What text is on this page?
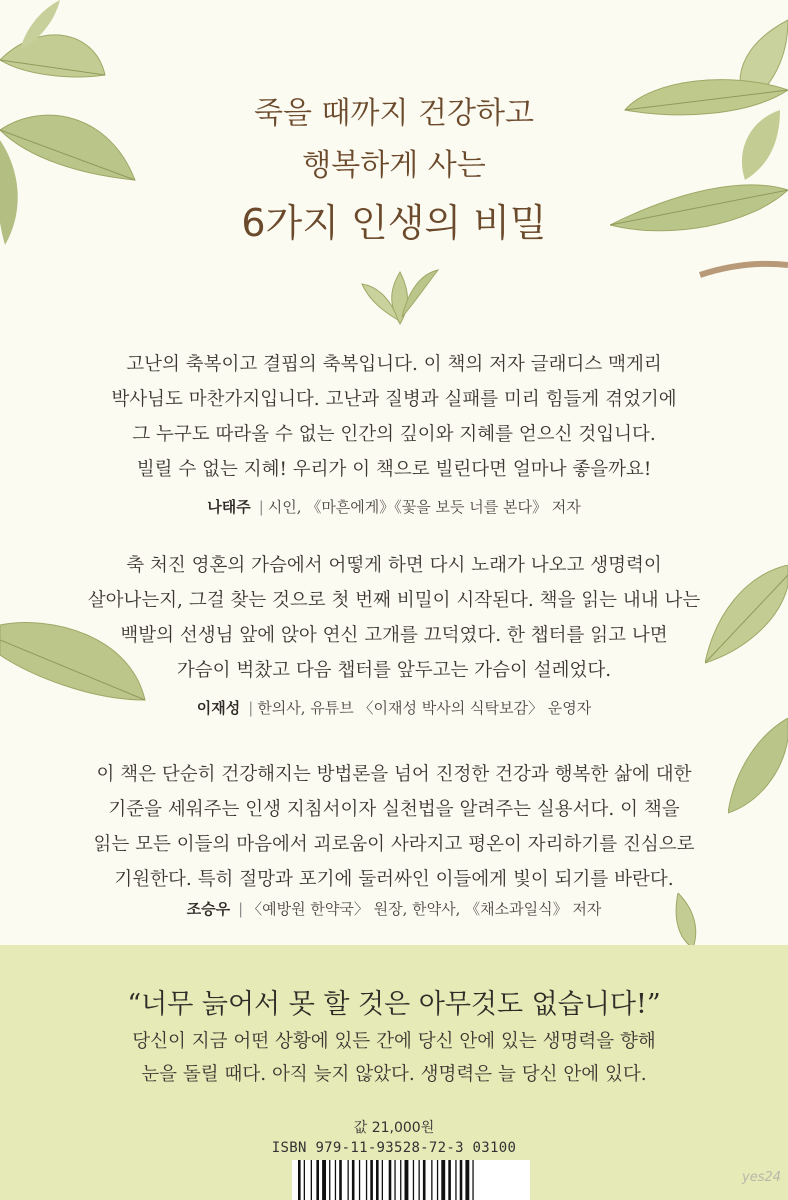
죽을 때까지 건강하고
행복하게 사는
6가지 인생의 비밀
고난의 축복이고 결핍의 축복입니다. 이 책의 저자 글래디스 맥게리
박사님도 마찬가지입니다. 고난과 질병과 실패를 미리 힘들게 겪었기에
그 누구도 따라올 수 없는 인간의 깊이와 지혜를 얻으신 것입니다.
빌릴 수 없는 지혜! 우리가 이 책으로 빌린다면 얼마나 좋을까요!
나태주 | 시인, 《마흔에게》《꽃을 보듯 너를 본다》 저자
축 처진 영혼의 가슴에서 어떻게 하면 다시 노래가 나오고 생명력이
살아나는지, 그걸 찾는 것으로 첫 번째 비밀이 시작된다. 책을 읽는 내내 나는
백발의 선생님 앞에 앉아 연신 고개를 끄덕였다. 한 챕터를 읽고 나면
가슴이 벅찼고 다음 챕터를 앞두고는 가슴이 설레었다.
이재성 | 한의사, 유튜브 〈이재성 박사의 식탁보감〉 운영자
이 책은 단순히 건강해지는 방법론을 넘어 진정한 건강과 행복한 삶에 대한
기준을 세워주는 인생 지침서이자 실천법을 알려주는 실용서다. 이 책을
읽는 모든 이들의 마음에서 괴로움이 사라지고 평온이 자리하기를 진심으로
기원한다. 특히 절망과 포기에 둘러싸인 이들에게 빛이 되기를 바란다.
조승우 | 〈예방원 한약국〉 원장, 한약사, 《채소과일식》 저자
“너무 늙어서 못 할 것은 아무것도 없습니다!”
당신이 지금 어떤 상황에 있든 간에 당신 안에 있는 생명력을 향해
눈을 돌릴 때다. 아직 늦지 않았다. 생명력은 늘 당신 안에 있다.
값 21,000원
ISBN 979-11-93528-72-3 03100
yes24
